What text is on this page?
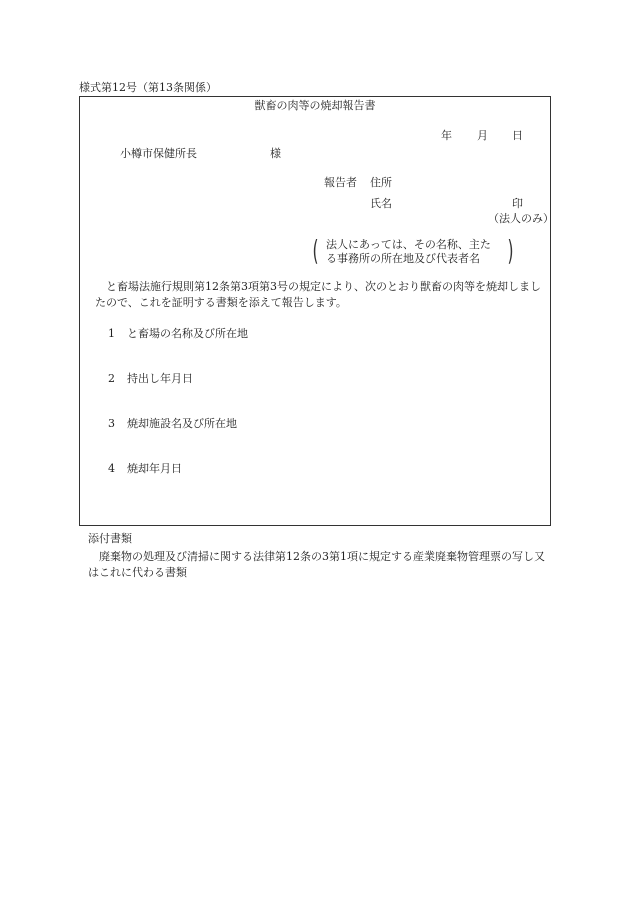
様式第12号（第13条関係）
獣畜の肉等の焼却報告書
年 月 日
小樽市保健所長	様
報告者 住所
氏名	印
（法人のみ）
( 法人にあっては、その名称、主た
る事務所の所在地及び代表者名 )
　と畜場法施行規則第12条第3項第3号の規定により、次のとおり獣畜の肉等を焼却しましたので、これを証明する書類を添えて報告します。
1 と畜場の名称及び所在地
2 持出し年月日
3 焼却施設名及び所在地
4 焼却年月日
添付書類
　廃棄物の処理及び清掃に関する法律第12条の3第1項に規定する産業廃棄物管理票の写し又はこれに代わる書類
